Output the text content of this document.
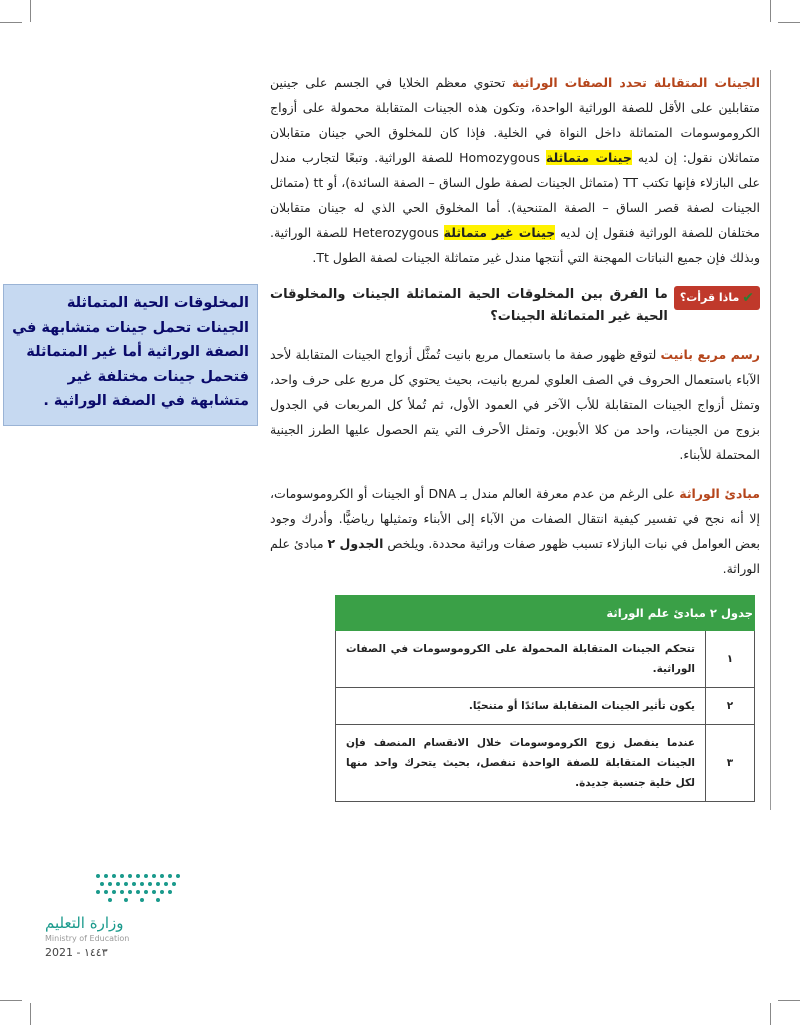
الجينات المتقابلة تحدد الصفات الوراثية تحتوي معظم الخلايا في الجسم على جينين متقابلين على الأقل للصفة الوراثية الواحدة، وتكون هذه الجينات المتقابلة محمولة على أزواج الكروموسومات المتماثلة داخل النواة في الخلية. فإذا كان للمخلوق الحي جينان متقابلان متماثلان نقول: إن لديه جينات متماثلة Homozygous للصفة الوراثية. وتبعًا لتجارب مندل على البازلاء فإنها تكتب TT (متماثل الجينات لصفة طول الساق – الصفة السائدة)، أو tt (متماثل الجينات لصفة قصر الساق – الصفة المتنحية). أما المخلوق الحي الذي له جينان متقابلان مختلفان للصفة الوراثية فنقول إن لديه جينات غير متماثلة Heterozygous للصفة الوراثية. وبذلك فإن جميع النباتات المهجنة التي أنتجها مندل غير متماثلة الجينات لصفة الطول Tt.

✔
ماذا قرأت؟
ما الفرق بين المخلوقات الحية المتماثلة الجينات والمخلوقات الحية غير المتماثلة الجينات؟

رسم مربع بانيت لتوقع ظهور صفة ما باستعمال مربع بانيت تُمثَّل أزواج الجينات المتقابلة لأحد الآباء باستعمال الحروف في الصف العلوي لمربع بانيت، بحيث يحتوي كل مربع على حرف واحد، وتمثل أزواج الجينات المتقابلة للأب الآخر في العمود الأول، ثم تُملأ كل المربعات في الجدول بزوج من الجينات، واحد من كلا الأبوين. وتمثل الأحرف التي يتم الحصول عليها الطرز الجينية المحتملة للأبناء.

مبادئ الوراثة على الرغم من عدم معرفة العالم مندل بـ DNA أو الجينات أو الكروموسومات، إلا أنه نجح في تفسير كيفية انتقال الصفات من الآباء إلى الأبناء وتمثيلها رياضيًّا. وأدرك وجود بعض العوامل في نبات البازلاء تسبب ظهور صفات وراثية محددة. ويلخص الجدول ٢ مبادئ علم الوراثة.

جدول ٢ مبادئ علم الوراثة	
١	تتحكم الجينات المتقابلة المحمولة على الكروموسومات في الصفات الوراثية.
٢	يكون تأثير الجينات المتقابلة سائدًا أو متنحيًا.
٣	عندما ينفصل زوج الكروموسومات خلال الانقسام المنصف فإن الجينات المتقابلة للصفة الواحدة تنفصل، بحيث يتحرك واحد منها لكل خلية جنسية جديدة.
المخلوقات الحية المتماثلة الجينات تحمل جينات متشابهة في الصفة الوراثية أما غير المتماثلة فتحمل جينات مختلفة غير متشابهة في الصفة الوراثية .
وزارة التعليم
Ministry of Education
2021 - ١٤٤٣
